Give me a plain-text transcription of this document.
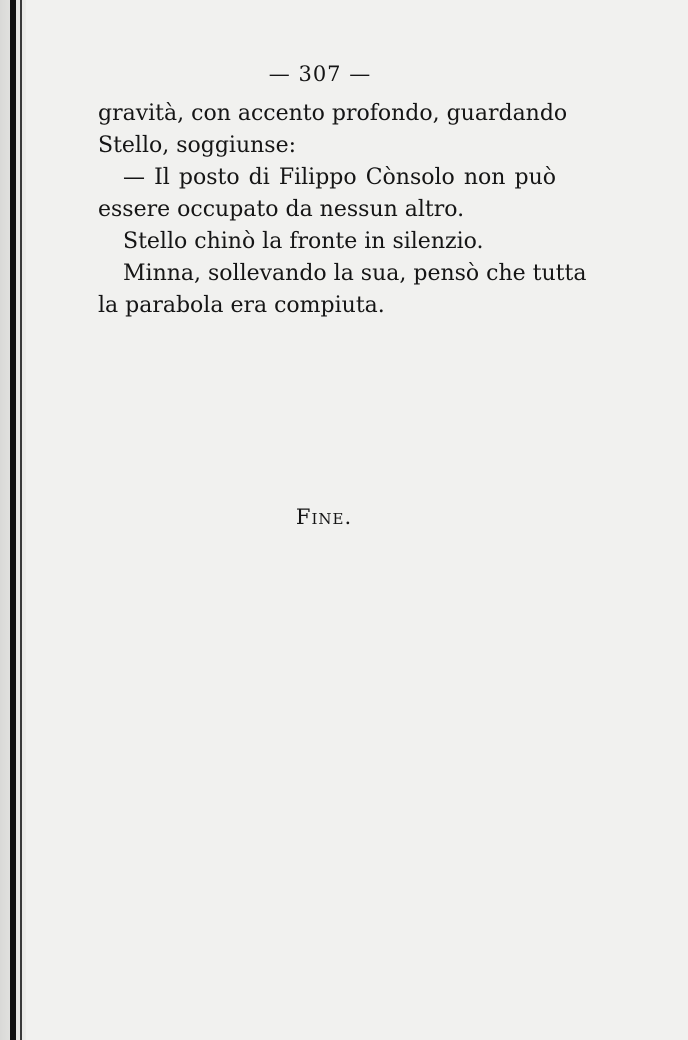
— 307 —
gravità, con accento profondo, guardando
Stello, soggiunse:
— Il posto di Filippo Cònsolo non può
essere occupato da nessun altro.
Stello chinò la fronte in silenzio.
Minna, sollevando la sua, pensò che tutta
la parabola era compiuta.
Fine.
